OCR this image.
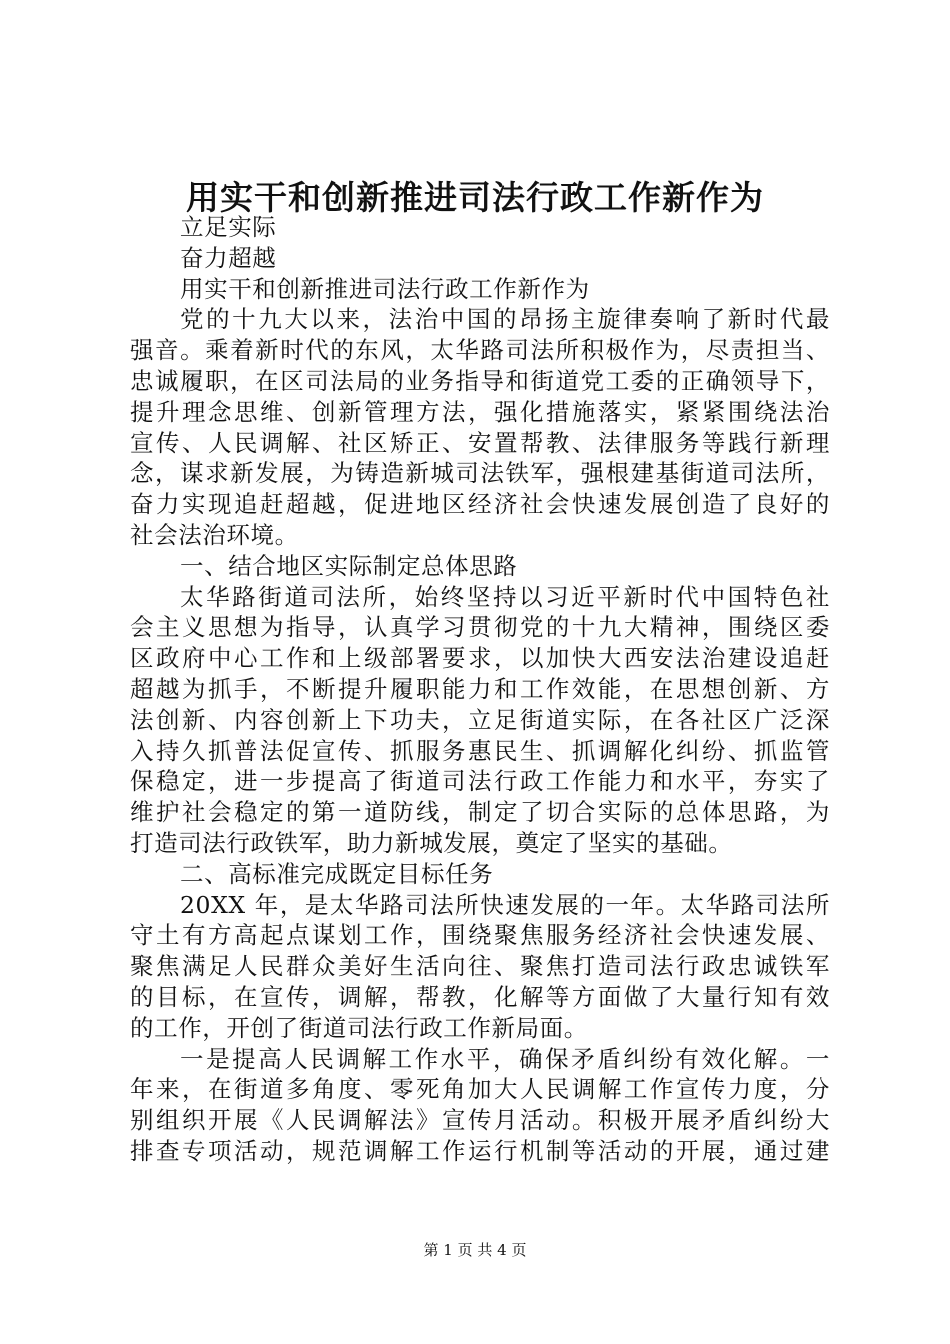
用实干和创新推进司法行政工作新作为
立足实际
奋力超越
用实干和创新推进司法行政工作新作为
党的十九大以来，法治中国的昂扬主旋律奏响了新时代最
强音。乘着新时代的东风，太华路司法所积极作为，尽责担当、
忠诚履职，在区司法局的业务指导和街道党工委的正确领导下，
提升理念思维、创新管理方法，强化措施落实，紧紧围绕法治
宣传、人民调解、社区矫正、安置帮教、法律服务等践行新理
念，谋求新发展，为铸造新城司法铁军，强根建基街道司法所，
奋力实现追赶超越，促进地区经济社会快速发展创造了良好的
社会法治环境。
一、结合地区实际制定总体思路
太华路街道司法所，始终坚持以习近平新时代中国特色社
会主义思想为指导，认真学习贯彻党的十九大精神，围绕区委
区政府中心工作和上级部署要求，以加快大西安法治建设追赶
超越为抓手，不断提升履职能力和工作效能，在思想创新、方
法创新、内容创新上下功夫，立足街道实际，在各社区广泛深
入持久抓普法促宣传、抓服务惠民生、抓调解化纠纷、抓监管
保稳定，进一步提高了街道司法行政工作能力和水平，夯实了
维护社会稳定的第一道防线，制定了切合实际的总体思路，为
打造司法行政铁军，助力新城发展，奠定了坚实的基础。
二、高标准完成既定目标任务
20XX 年，是太华路司法所快速发展的一年。太华路司法所
守土有方高起点谋划工作，围绕聚焦服务经济社会快速发展、
聚焦满足人民群众美好生活向往、聚焦打造司法行政忠诚铁军
的目标，在宣传，调解，帮教，化解等方面做了大量行知有效
的工作，开创了街道司法行政工作新局面。
一是提高人民调解工作水平，确保矛盾纠纷有效化解。一
年来，在街道多角度、零死角加大人民调解工作宣传力度，分
别组织开展《人民调解法》宣传月活动。积极开展矛盾纠纷大
排查专项活动，规范调解工作运行机制等活动的开展，通过建
第 1 页 共 4 页
